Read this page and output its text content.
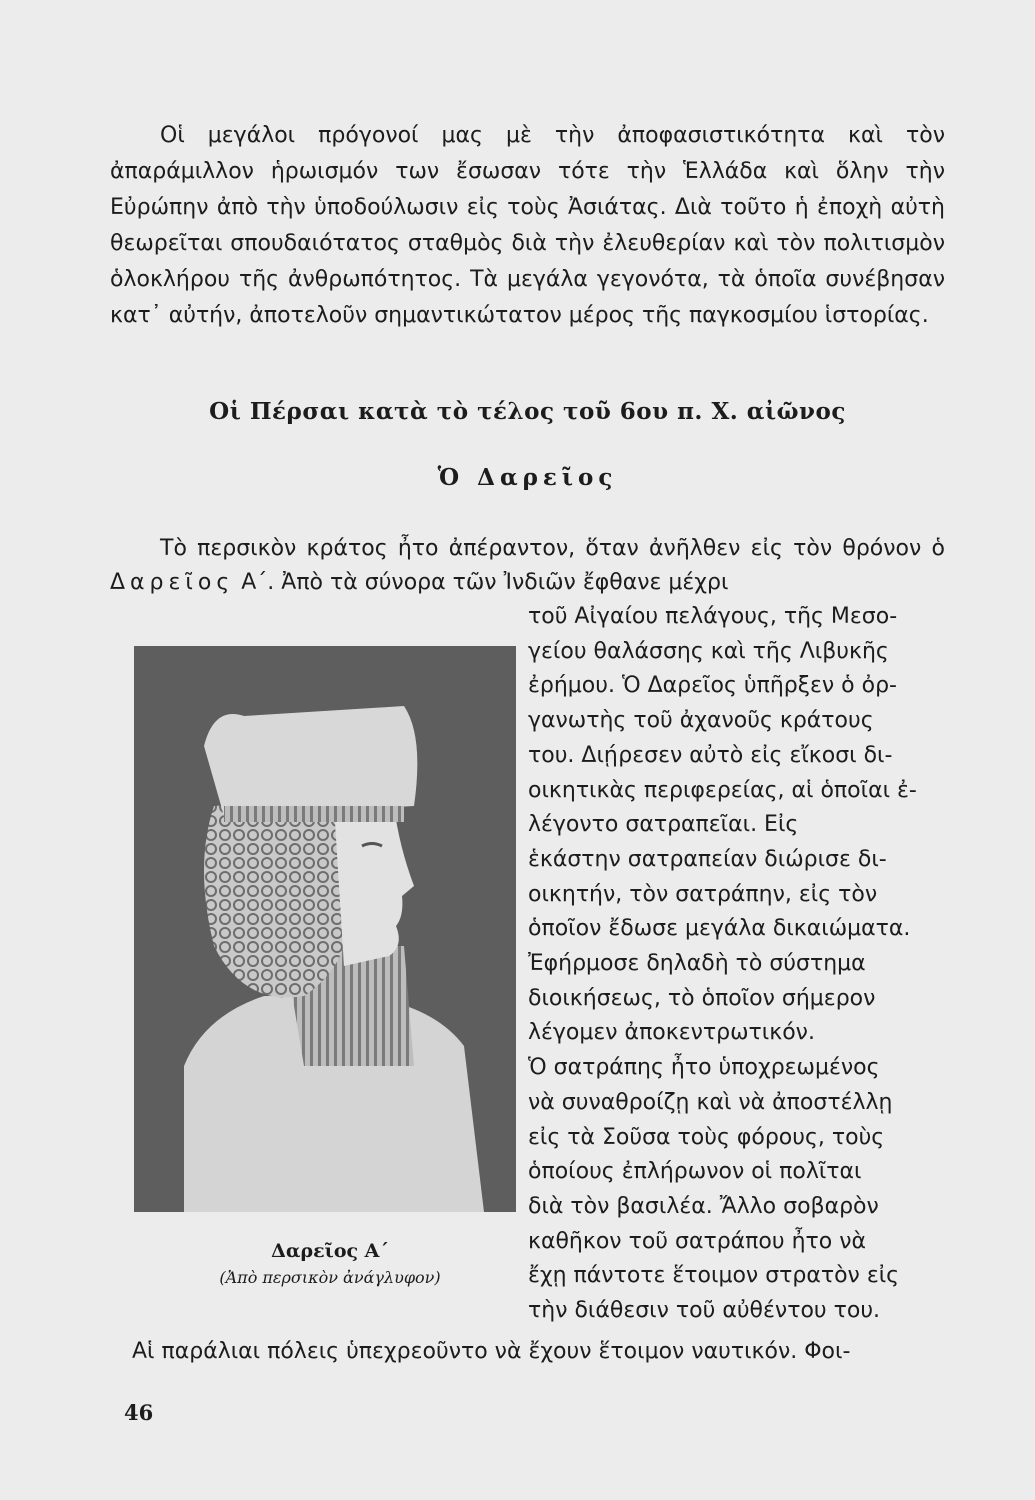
Οἱ μεγάλοι πρόγονοί μας μὲ τὴν ἀποφασιστικότητα καὶ τὸν ἀπαράμιλλον ἡρωισμόν των ἔσωσαν τότε τὴν Ἑλλάδα καὶ ὅλην τὴν Εὐρώπην ἀπὸ τὴν ὑποδούλωσιν εἰς τοὺς Ἀσιάτας. Διὰ τοῦτο ἡ ἐποχὴ αὐτὴ θεωρεῖται σπουδαιότατος σταθμὸς διὰ τὴν ἐλευθερίαν καὶ τὸν πολιτισμὸν ὁλοκλήρου τῆς ἀνθρωπότητος. Τὰ μεγάλα γεγονότα, τὰ ὁποῖα συνέβησαν κατ᾽ αὐτήν, ἀποτελοῦν σημαντικώτατον μέρος τῆς παγκοσμίου ἱστορίας.
Οἱ Πέρσαι κατὰ τὸ τέλος τοῦ 6ου π. Χ. αἰῶνος
Ὁ Δαρεῖος
Τὸ περσικὸν κράτος ἦτο ἀπέραντον, ὅταν ἀνῆλθεν εἰς τὸν θρόνον ὁ Δαρεῖος Α΄. Ἀπὸ τὰ σύνορα τῶν Ἰνδιῶν ἔφθανε μέχρι
Δαρεῖος Α΄
(Ἀπὸ περσικὸν ἀνάγλυφον)
τοῦ Αἰγαίου πελάγους, τῆς Μεσο-
γείου θαλάσσης καὶ τῆς Λιβυκῆς
ἐρήμου. Ὁ Δαρεῖος ὑπῆρξεν ὁ ὀρ-
γανωτὴς τοῦ ἀχανοῦς κράτους
του. Διῄρεσεν αὐτὸ εἰς εἴκοσι δι-
οικητικὰς περιφερείας, αἱ ὁποῖαι ἐ-
λέγοντο σατραπεῖαι. Εἰς
ἑκάστην σατραπείαν διώρισε δι-
οικητήν, τὸν σατράπην, εἰς τὸν
ὁποῖον ἔδωσε μεγάλα δικαιώματα.
Ἐφήρμοσε δηλαδὴ τὸ σύστημα
διοικήσεως, τὸ ὁποῖον σήμερον
λέγομεν ἀποκεντρωτικόν.
Ὁ σατράπης ἦτο ὑποχρεωμένος
νὰ συναθροίζῃ καὶ νὰ ἀποστέλλῃ
εἰς τὰ Σοῦσα τοὺς φόρους, τοὺς
ὁποίους ἐπλήρωνον οἱ πολῖται
διὰ τὸν βασιλέα. Ἄλλο σοβαρὸν
καθῆκον τοῦ σατράπου ἦτο νὰ
ἔχῃ πάντοτε ἕτοιμον στρατὸν εἰς
τὴν διάθεσιν τοῦ αὐθέντου του.
Αἱ παράλιαι πόλεις ὑπεχρεοῦντο νὰ ἔχουν ἕτοιμον ναυτικόν. Φοι-
46
